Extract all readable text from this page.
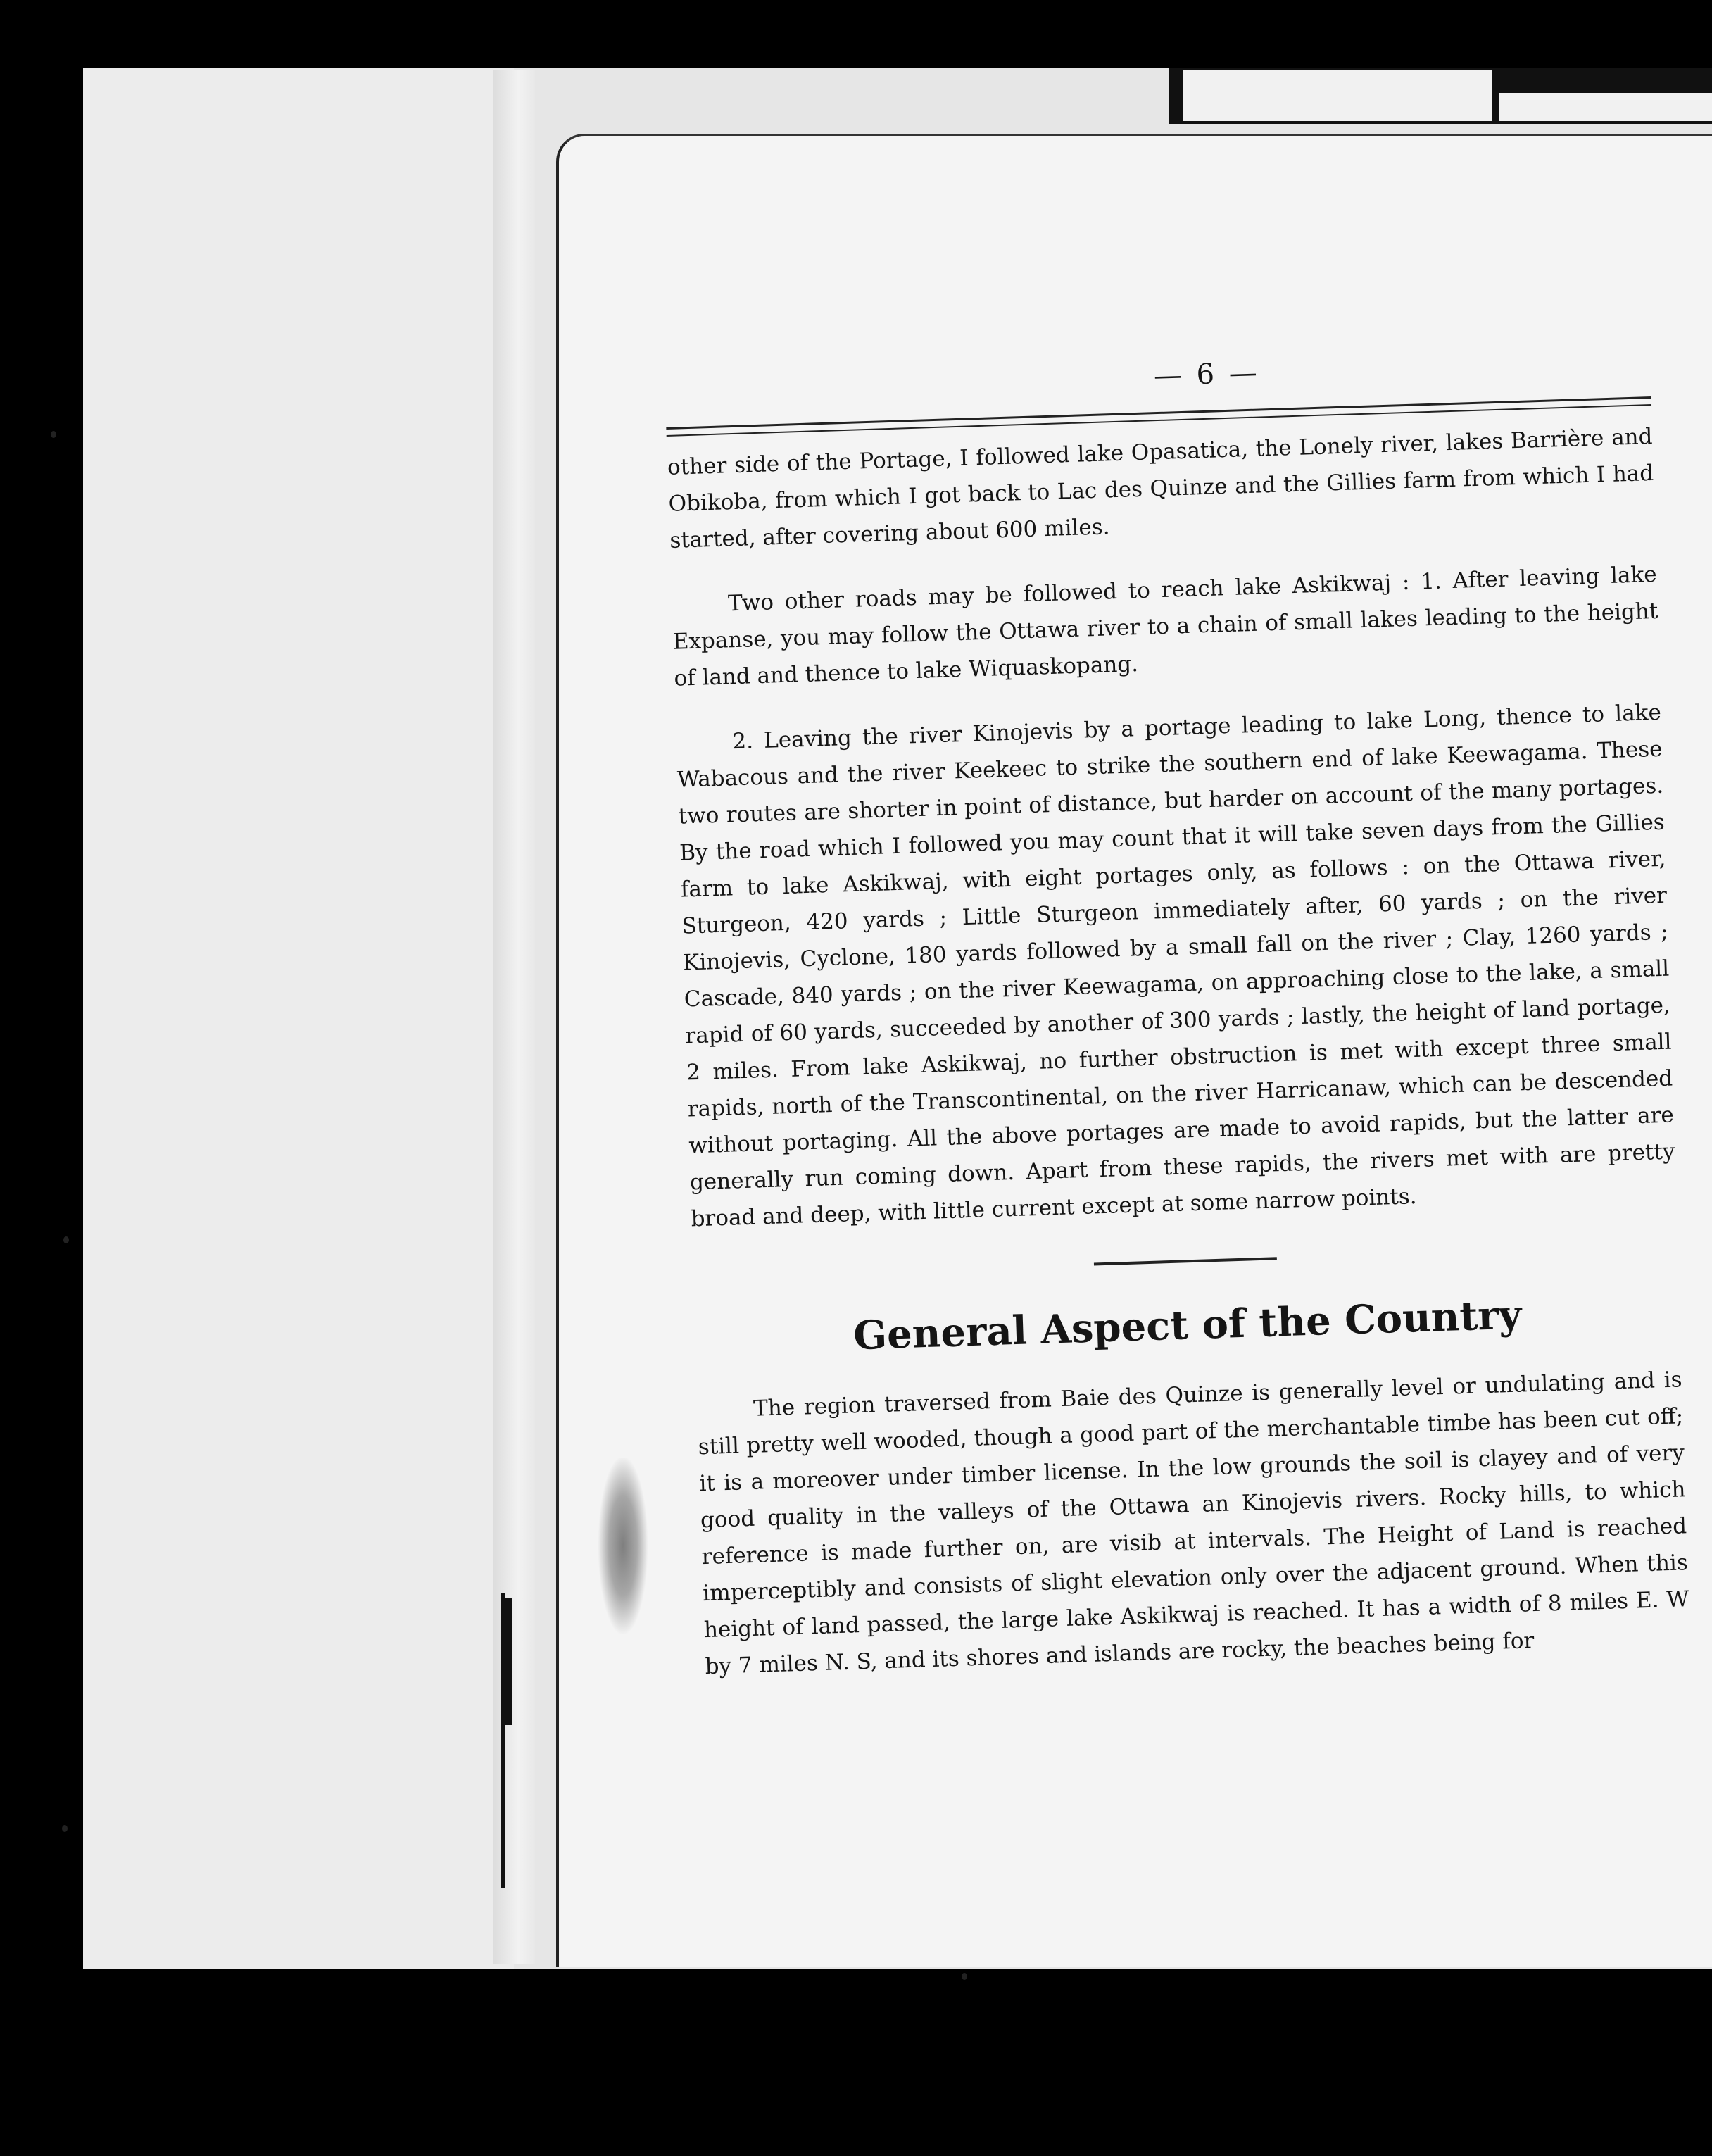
— 6 —

other side of the Portage, I followed lake Opasatica, the Lonely river, lakes Barrière and Obikoba, from which I got back to Lac des Quinze and the Gillies farm from which I had started, after covering about 600 miles.

Two other roads may be followed to reach lake Askikwaj : 1. After leaving lake Expanse, you may follow the Ottawa river to a chain of small lakes leading to the height of land and thence to lake Wiquaskopang.

2. Leaving the river Kinojevis by a portage leading to lake Long, thence to lake Wabacous and the river Keekeec to strike the southern end of lake Keewagama. These two routes are shorter in point of distance, but harder on account of the many portages. By the road which I followed you may count that it will take seven days from the Gillies farm to lake Askikwaj, with eight portages only, as follows : on the Ottawa river, Sturgeon, 420 yards ; Little Sturgeon immediately after, 60 yards ; on the river Kinojevis, Cyclone, 180 yards followed by a small fall on the river ; Clay, 1260 yards ; Cascade, 840 yards ; on the river Keewagama, on approaching close to the lake, a small rapid of 60 yards, succeeded by another of 300 yards ; lastly, the height of land portage, 2 miles. From lake Askikwaj, no further obstruction is met with except three small rapids, north of the Transcontinental, on the river Harricanaw, which can be descended without portaging. All the above portages are made to avoid rapids, but the latter are generally run coming down. Apart from these rapids, the rivers met with are pretty broad and deep, with little current except at some narrow points.

General Aspect of the Country

The region traversed from Baie des Quinze is generally level or undulating and is still pretty well wooded, though a good part of the merchantable timbe has been cut off; it is a moreover under timber license. In the low grounds the soil is clayey and of very good quality in the valleys of the Ottawa an Kinojevis rivers. Rocky hills, to which reference is made further on, are visib at intervals. The Height of Land is reached imperceptibly and consists of slight elevation only over the adjacent ground. When this height of land passed, the large lake Askikwaj is reached. It has a width of 8 miles E. W by 7 miles N. S, and its shores and islands are rocky, the beaches being for
